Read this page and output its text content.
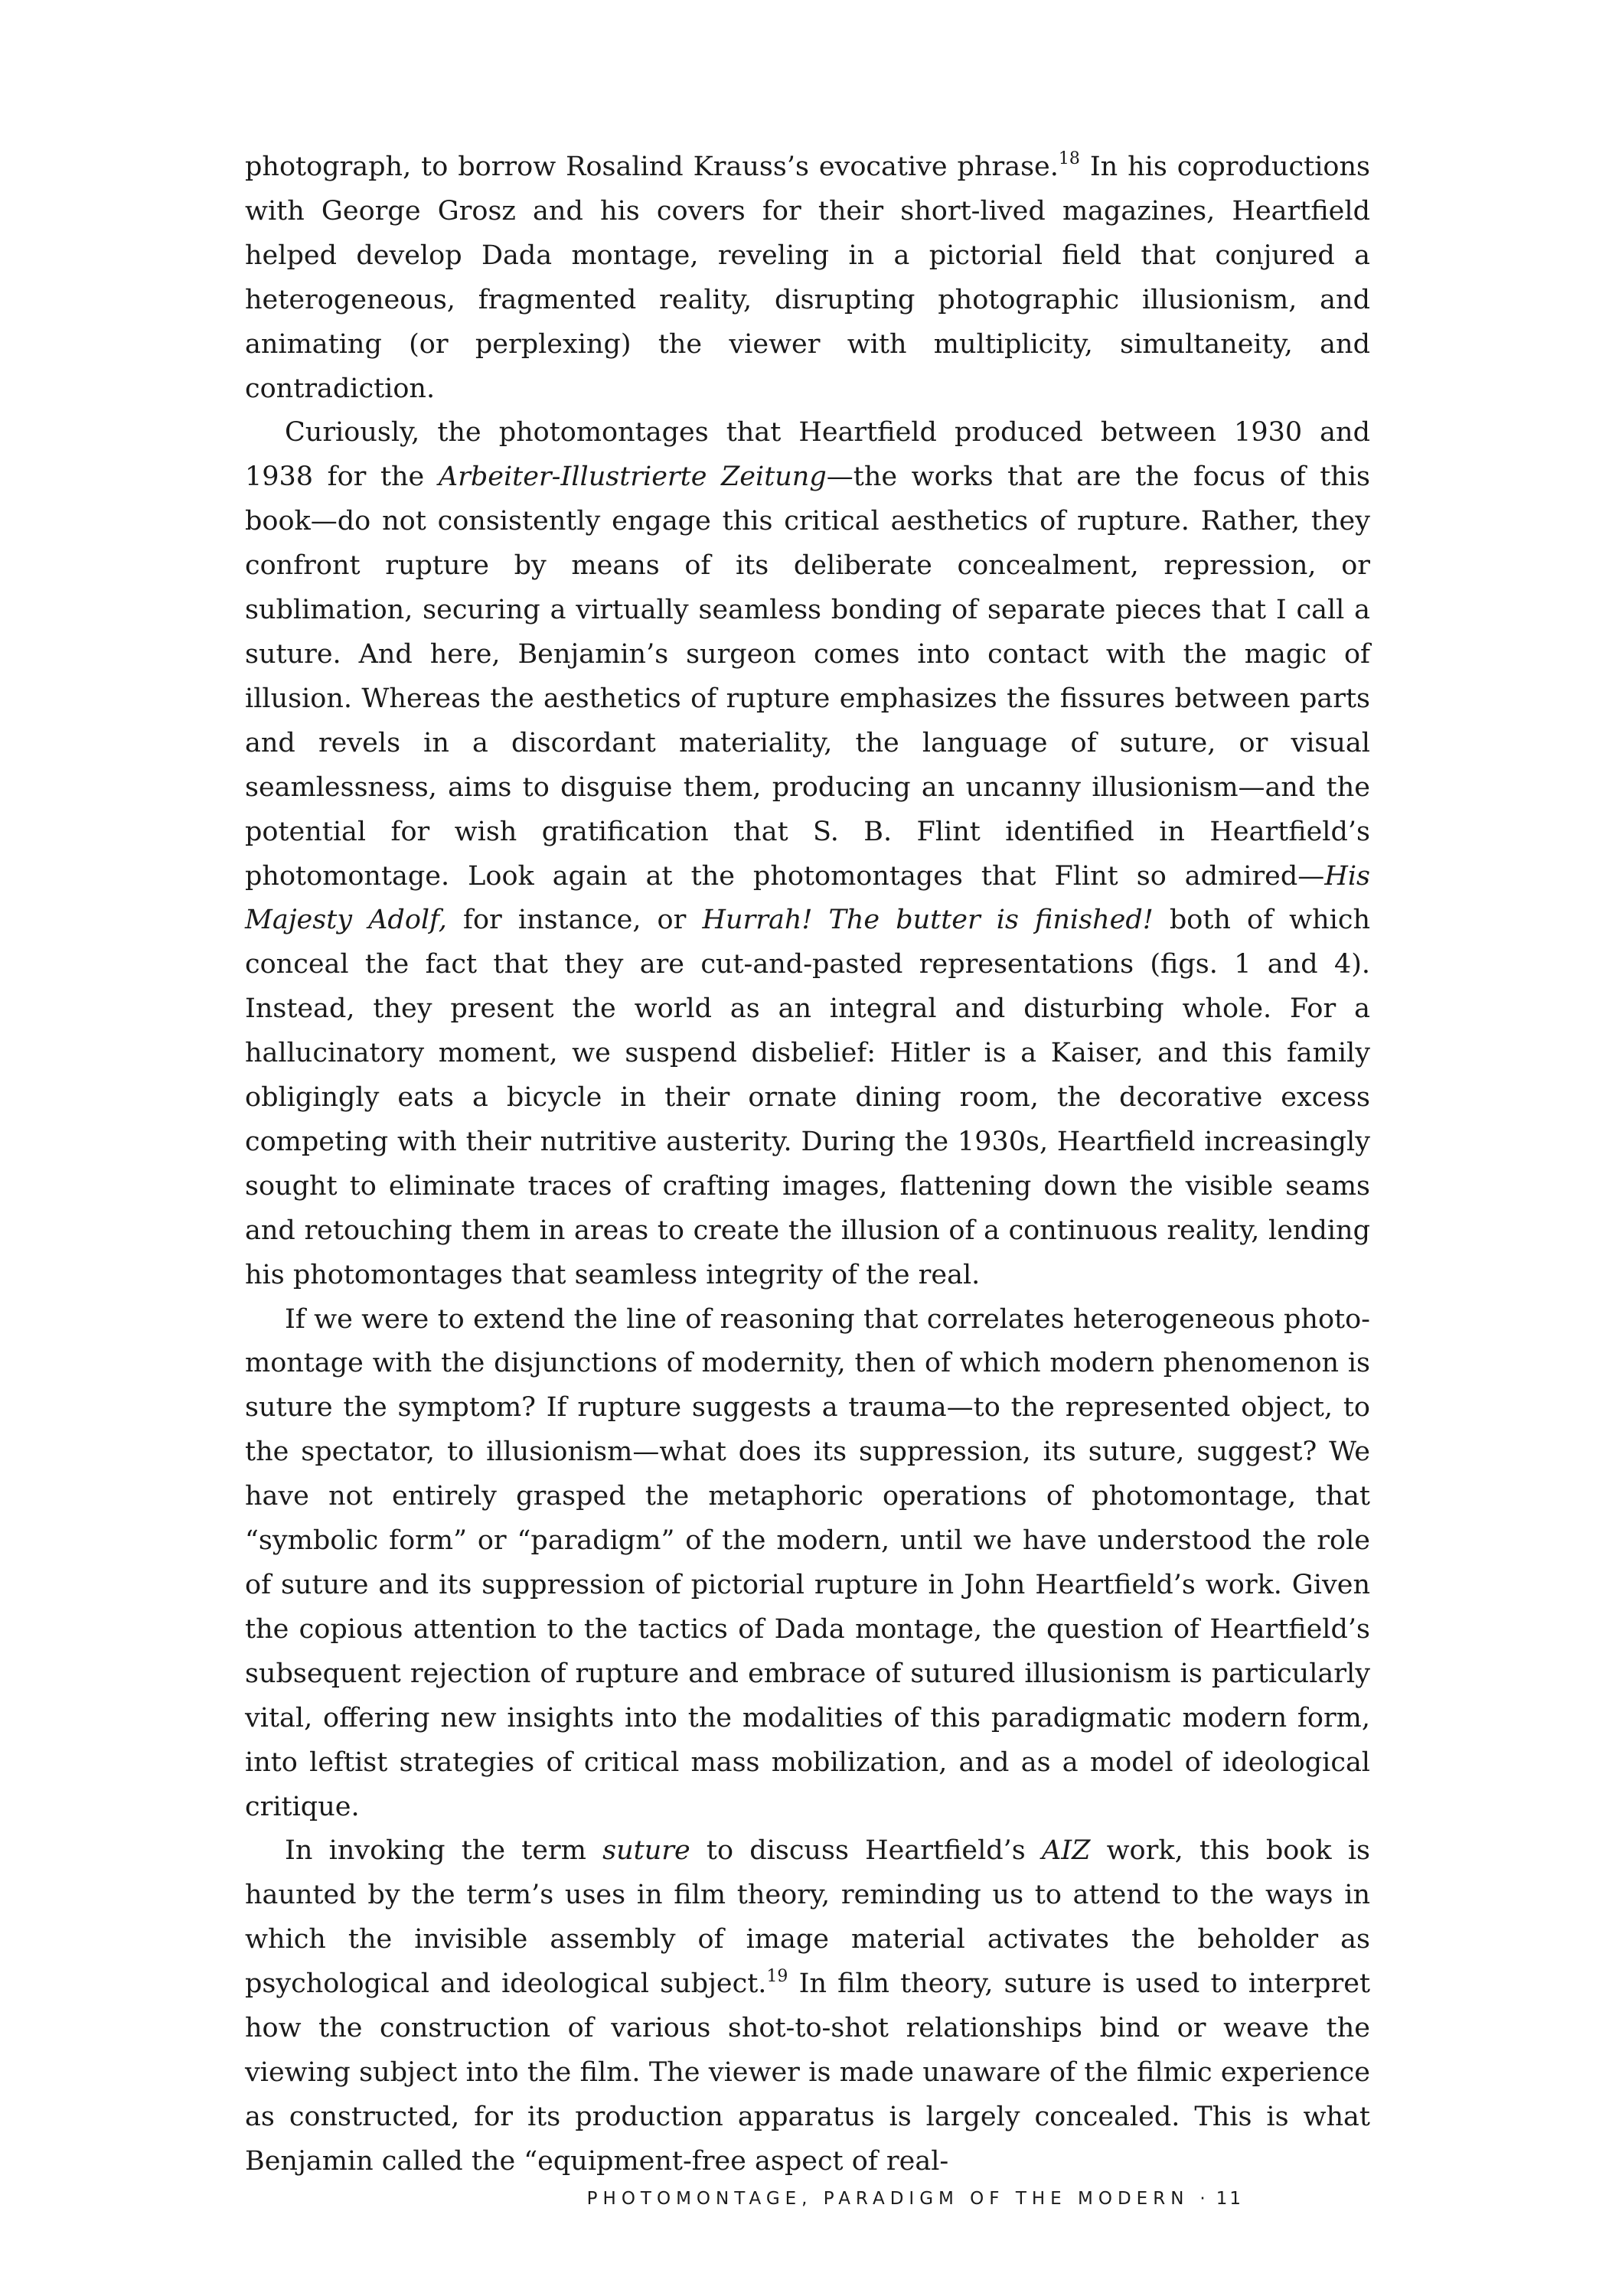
photograph, to borrow Rosalind Krauss’s evocative phrase.$^{18}$ In his coproductions with George Grosz and his covers for their short-lived magazines, Heartfield helped develop Dada montage, reveling in a pictorial field that conjured a heterogeneous, fragmented reality, disrupting photographic illusionism, and animating (or perplexing) the viewer with multiplicity, simultaneity, and contradiction.

Curiously, the photomontages that Heartfield produced between 1930 and 1938 for the Arbeiter-Illustrierte Zeitung—the works that are the focus of this book—do not consistently engage this critical aesthetics of rupture. Rather, they confront rupture by means of its deliberate concealment, repression, or sublimation, securing a virtually seamless bonding of separate pieces that I call a suture. And here, Benjamin’s surgeon comes into contact with the magic of illusion. Whereas the aesthetics of rupture emphasizes the fissures between parts and revels in a discordant materiality, the language of suture, or visual seamlessness, aims to disguise them, producing an uncanny illusionism—and the potential for wish gratification that S. B. Flint identified in Heartfield’s photomontage. Look again at the photomontages that Flint so admired—His Majesty Adolf, for instance, or Hurrah! The butter is finished! both of which conceal the fact that they are cut-and-pasted representations (figs. 1 and 4). Instead, they present the world as an integral and disturbing whole. For a hallucinatory moment, we suspend disbelief: Hitler is a Kaiser, and this family obligingly eats a bicycle in their ornate dining room, the decorative excess competing with their nutritive austerity. During the 1930s, Heartfield increasingly sought to eliminate traces of crafting images, flattening down the visible seams and retouching them in areas to create the illusion of a continuous reality, lending his photomontages that seamless integrity of the real.

If we were to extend the line of reasoning that correlates heterogeneous photomontage with the disjunctions of modernity, then of which modern phenomenon is suture the symptom? If rupture suggests a trauma—to the represented object, to the spectator, to illusionism—what does its suppression, its suture, suggest? We have not entirely grasped the metaphoric operations of photomontage, that “symbolic form” or “paradigm” of the modern, until we have understood the role of suture and its suppression of pictorial rupture in John Heartfield’s work. Given the copious attention to the tactics of Dada montage, the question of Heartfield’s subsequent rejection of rupture and embrace of sutured illusionism is particularly vital, offering new insights into the modalities of this paradigmatic modern form, into leftist strategies of critical mass mobilization, and as a model of ideological critique.

In invoking the term suture to discuss Heartfield’s AIZ work, this book is haunted by the term’s uses in film theory, reminding us to attend to the ways in which the invisible assembly of image material activates the beholder as psychological and ideological subject.$^{19}$ In film theory, suture is used to interpret how the construction of various shot-to-shot relationships bind or weave the viewing subject into the film. The viewer is made unaware of the filmic experience as constructed, for its production apparatus is largely concealed. This is what Benjamin called the “equipment-free aspect of real-

PHOTOMONTAGE, PARADIGM OF THE MODERN · 11
